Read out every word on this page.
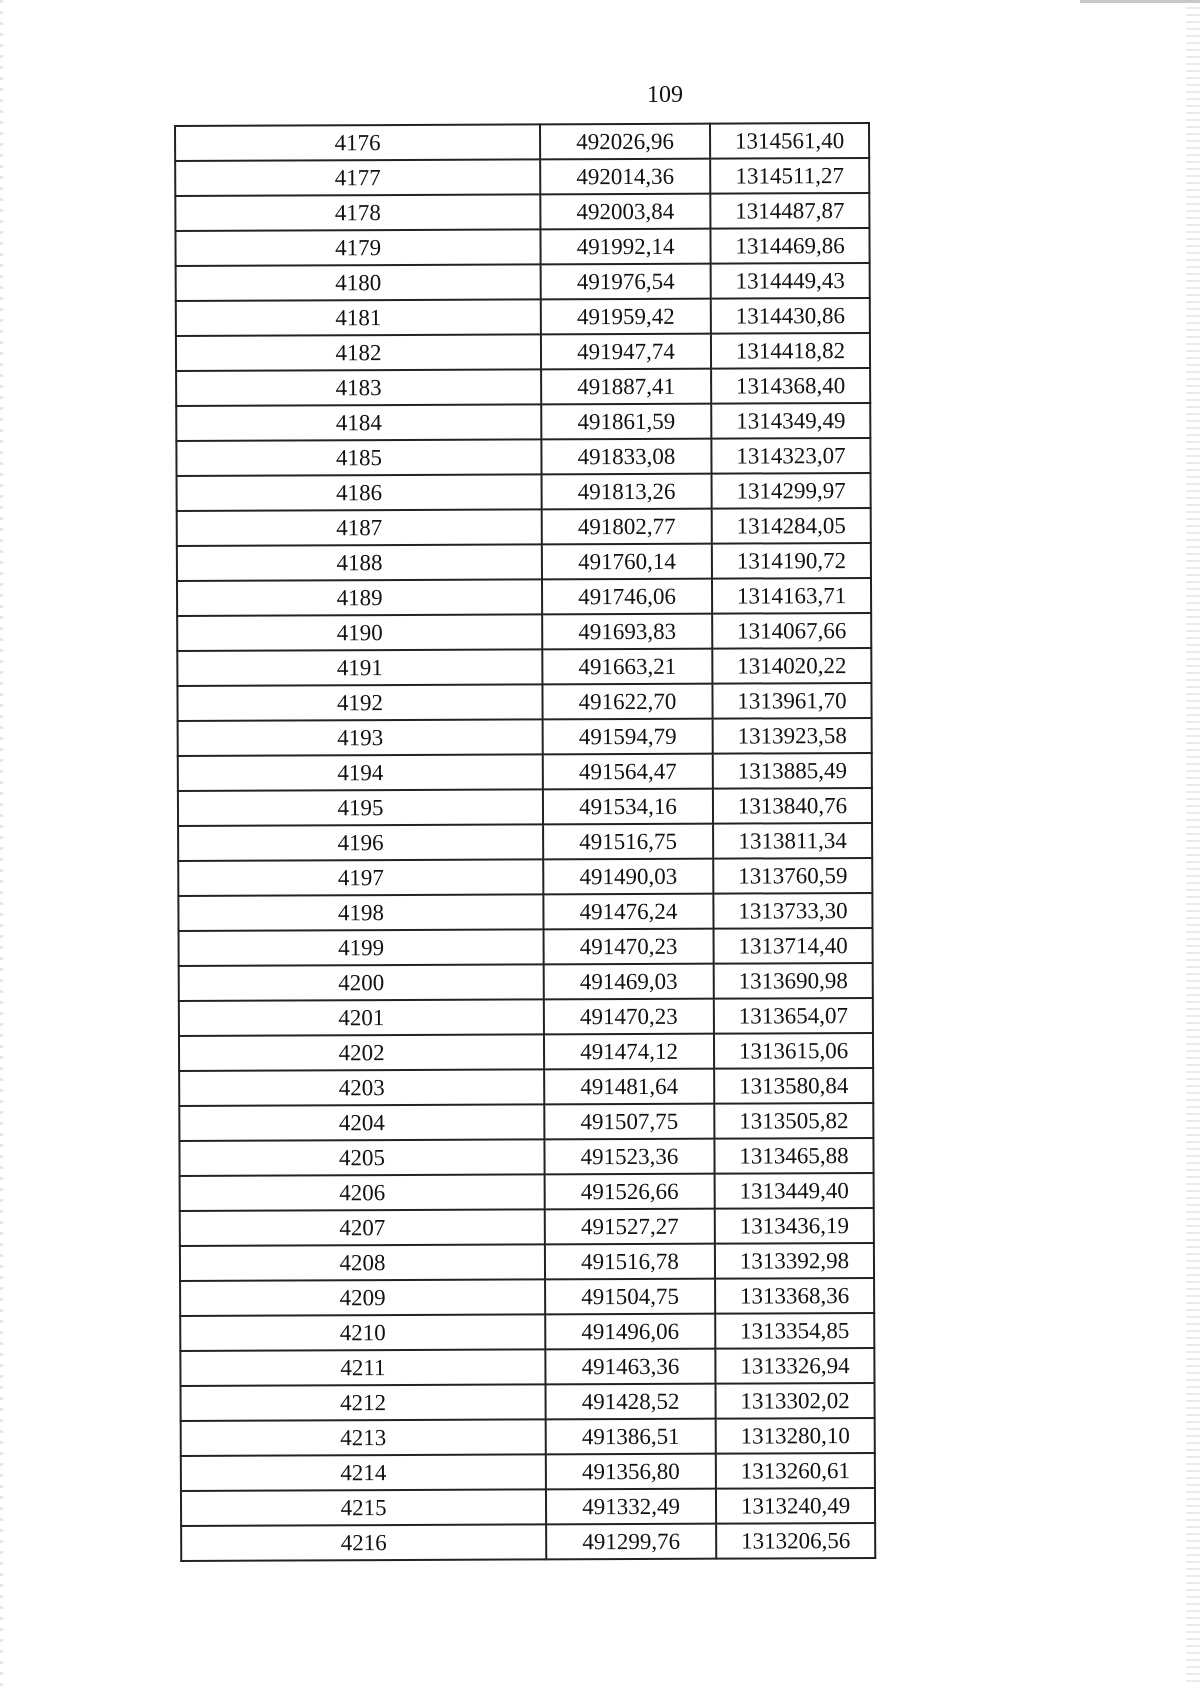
109
4176	492026,96	1314561,40
4177	492014,36	1314511,27
4178	492003,84	1314487,87
4179	491992,14	1314469,86
4180	491976,54	1314449,43
4181	491959,42	1314430,86
4182	491947,74	1314418,82
4183	491887,41	1314368,40
4184	491861,59	1314349,49
4185	491833,08	1314323,07
4186	491813,26	1314299,97
4187	491802,77	1314284,05
4188	491760,14	1314190,72
4189	491746,06	1314163,71
4190	491693,83	1314067,66
4191	491663,21	1314020,22
4192	491622,70	1313961,70
4193	491594,79	1313923,58
4194	491564,47	1313885,49
4195	491534,16	1313840,76
4196	491516,75	1313811,34
4197	491490,03	1313760,59
4198	491476,24	1313733,30
4199	491470,23	1313714,40
4200	491469,03	1313690,98
4201	491470,23	1313654,07
4202	491474,12	1313615,06
4203	491481,64	1313580,84
4204	491507,75	1313505,82
4205	491523,36	1313465,88
4206	491526,66	1313449,40
4207	491527,27	1313436,19
4208	491516,78	1313392,98
4209	491504,75	1313368,36
4210	491496,06	1313354,85
4211	491463,36	1313326,94
4212	491428,52	1313302,02
4213	491386,51	1313280,10
4214	491356,80	1313260,61
4215	491332,49	1313240,49
4216	491299,76	1313206,56
